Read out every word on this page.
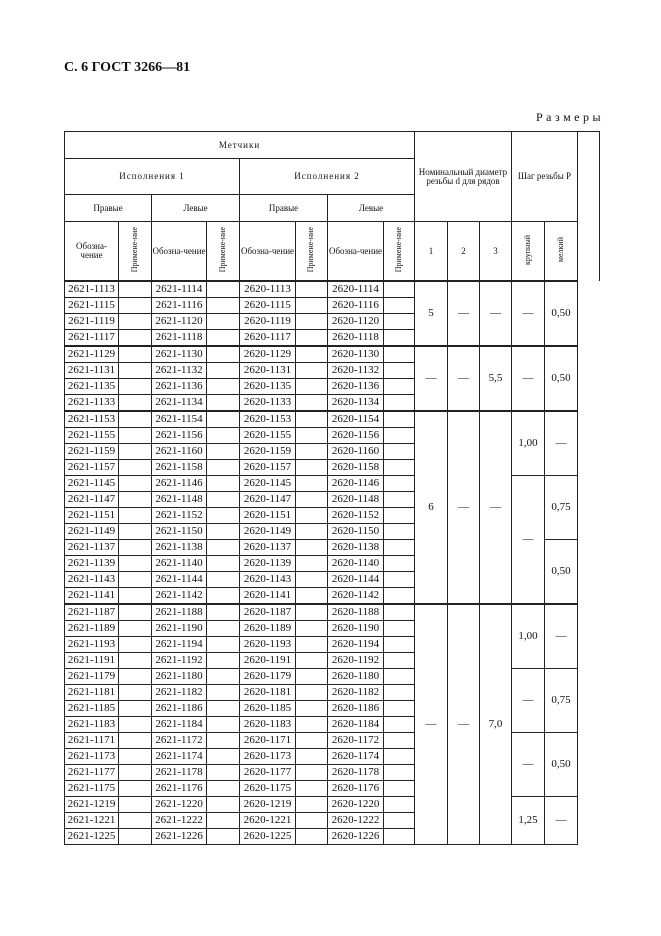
С. 6 ГОСТ 3266—81
Размеры
Метчики								Номинальный диаметр резьбы d для рядов			Шаг резьбы P		
Исполнения 1				Исполнения 2									
Правые		Левые		Правые		Левые							
Обозна-чение	Примене-ние	Обозна-чение	Примене-ние	Обозна-чение	Примене-ние	Обозна-чение	Примене-ние	1	2	3	крупный	мелкий	
2621-1113		2621-1114		2620-1113		2620-1114		5	—	—	—	0,50	
2621-1115		2621-1116		2620-1115		2620-1116							
2621-1119		2621-1120		2620-1119		2620-1120							
2621-1117		2621-1118		2620-1117		2620-1118							
2621-1129		2621-1130		2620-1129		2620-1130		—	—	5,5	—	0,50	
2621-1131		2621-1132		2620-1131		2620-1132							
2621-1135		2621-1136		2620-1135		2620-1136							
2621-1133		2621-1134		2620-1133		2620-1134							
2621-1153		2621-1154		2620-1153		2620-1154		6	—	—	1,00	—	
2621-1155		2621-1156		2620-1155		2620-1156							
2621-1159		2621-1160		2620-1159		2620-1160							
2621-1157		2621-1158		2620-1157		2620-1158							
2621-1145		2621-1146		2620-1145		2620-1146					—	0,75	
2621-1147		2621-1148		2620-1147		2620-1148							
2621-1151		2621-1152		2620-1151		2620-1152							
2621-1149		2621-1150		2620-1149		2620-1150							
2621-1137		2621-1138		2620-1137		2620-1138						0,50	
2621-1139		2621-1140		2620-1139		2620-1140							
2621-1143		2621-1144		2620-1143		2620-1144							
2621-1141		2621-1142		2620-1141		2620-1142							
2621-1187		2621-1188		2620-1187		2620-1188		—	—	7,0	1,00	—	
2621-1189		2621-1190		2620-1189		2620-1190							
2621-1193		2621-1194		2620-1193		2620-1194							
2621-1191		2621-1192		2620-1191		2620-1192							
2621-1179		2621-1180		2620-1179		2620-1180					—	0,75	
2621-1181		2621-1182		2620-1181		2620-1182							
2621-1185		2621-1186		2620-1185		2620-1186							
2621-1183		2621-1184		2620-1183		2620-1184							
2621-1171		2621-1172		2620-1171		2620-1172					—	0,50	
2621-1173		2621-1174		2620-1173		2620-1174							
2621-1177		2621-1178		2620-1177		2620-1178							
2621-1175		2621-1176		2620-1175		2620-1176							
2621-1219		2621-1220		2620-1219		2620-1220					1,25	—	
2621-1221		2621-1222		2620-1221		2620-1222							
2621-1225		2621-1226		2620-1225		2620-1226							
